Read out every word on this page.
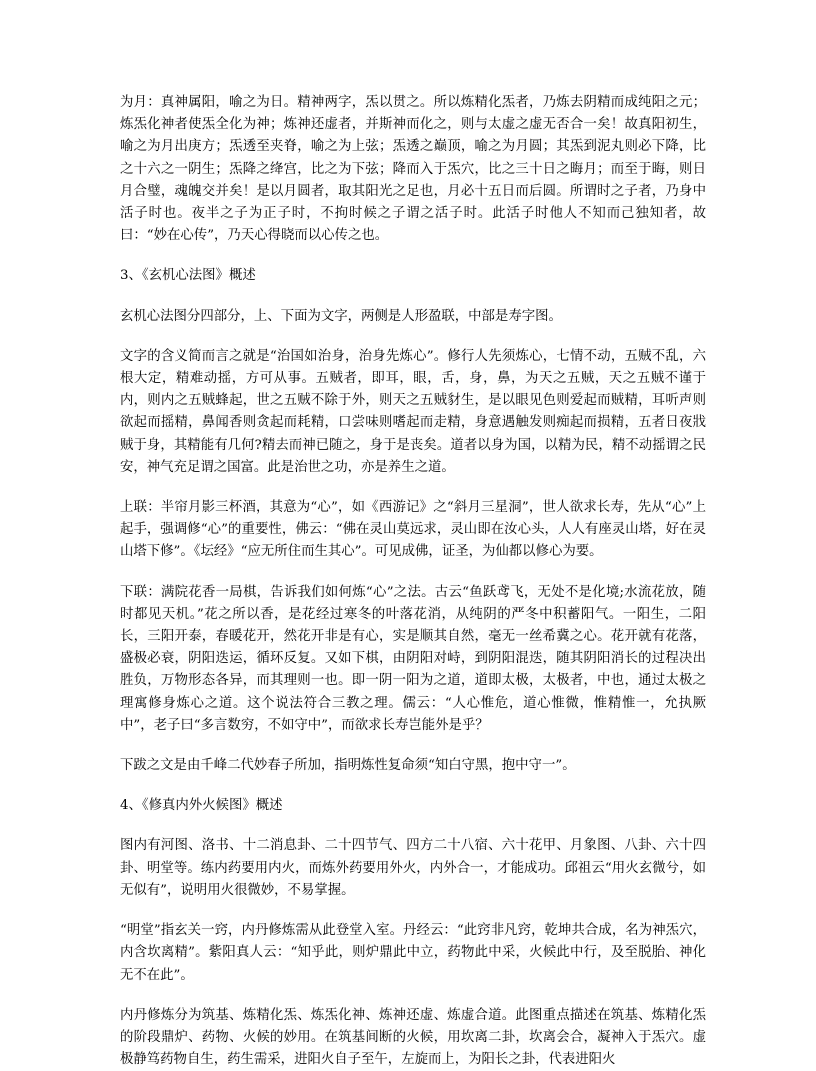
为月：真神属阳，喻之为日。精神两字，炁以贯之。所以炼精化炁者，乃炼去阴精而成纯阳之元；炼炁化神者使炁全化为神；炼神还虚者，并斯神而化之，则与太虚之虚无否合一矣！故真阳初生，喻之为月出庚方；炁透至夹脊，喻之为上弦；炁透之巅顶，喻之为月圆；其炁到泥丸则必下降，比之十六之一阴生；炁降之绛宫，比之为下弦；降而入于炁穴，比之三十日之晦月；而至于晦，则日月合璧，魂魄交并矣！是以月圆者，取其阳光之足也，月必十五日而后圆。所谓时之子者，乃身中活子时也。夜半之子为正子时，不拘时候之子谓之活子时。此活子时他人不知而己独知者，故曰：“妙在心传”，乃天心得晓而以心传之也。

3、《玄机心法图》概述

玄机心法图分四部分，上、下面为文字，两侧是人形盈联，中部是寿字图。

文字的含义简而言之就是“治国如治身，治身先炼心”。修行人先须炼心，七情不动，五贼不乱，六根大定，精难动摇，方可从事。五贼者，即耳，眼，舌，身，鼻，为天之五贼，天之五贼不谨于内，则内之五贼蜂起，世之五贼不除于外，则天之五贼豺生，是以眼见色则爱起而贼精，耳听声则欲起而摇精，鼻闻香则贪起而耗精，口尝味则嗜起而走精，身意遇触发则痴起而损精，五者日夜戕贼于身，其精能有几何?精去而神已随之，身于是丧矣。道者以身为国，以精为民，精不动摇谓之民安，神气充足谓之国富。此是治世之功，亦是养生之道。

上联：半帘月影三杯酒，其意为“心”，如《西游记》之“斜月三星洞”，世人欲求长寿，先从“心”上起手，强调修“心”的重要性，佛云：“佛在灵山莫远求，灵山即在汝心头，人人有座灵山塔，好在灵山塔下修”。《坛经》“应无所住而生其心”。可见成佛，证圣，为仙都以修心为要。

下联：满院花香一局棋，告诉我们如何炼“心”之法。古云“鱼跃鸢飞，无处不是化境;水流花放，随时都见天机。”花之所以香，是花经过寒冬的叶落花消，从纯阴的严冬中积蓄阳气。一阳生，二阳长，三阳开泰，春暖花开，然花开非是有心，实是顺其自然，毫无一丝希冀之心。花开就有花落，盛极必衰，阴阳迭运，循环反复。又如下棋，由阴阳对峙，到阴阳混迭，随其阴阳消长的过程决出胜负，万物形态各异，而其理则一也。即一阴一阳为之道，道即太极，太极者，中也，通过太极之理寓修身炼心之道。这个说法符合三教之理。儒云：“人心惟危，道心惟微，惟精惟一，允执厥中”，老子曰“多言数穷，不如守中”，而欲求长寿岂能外是乎？

下跋之文是由千峰二代妙春子所加，指明炼性复命须“知白守黑，抱中守一”。

4、《修真内外火候图》概述

图内有河图、洛书、十二消息卦、二十四节气、四方二十八宿、六十花甲、月象图、八卦、六十四卦、明堂等。练内药要用内火，而炼外药要用外火，内外合一，才能成功。邱祖云“用火玄微兮，如无似有”，说明用火很微妙，不易掌握。

“明堂”指玄关一窍，内丹修炼需从此登堂入室。丹经云：“此窍非凡窍，乾坤共合成，名为神炁穴，内含坎离精”。紫阳真人云：“知乎此，则炉鼎此中立，药物此中采，火候此中行，及至脱胎、神化无不在此”。

内丹修炼分为筑基、炼精化炁、炼炁化神、炼神还虚、炼虚合道。此图重点描述在筑基、炼精化炁的阶段鼎炉、药物、火候的妙用。在筑基间断的火候，用坎离二卦，坎离会合，凝神入于炁穴。虚极静笃药物自生，药生需采，进阳火自子至午，左旋而上，为阳长之卦，代表进阳火
